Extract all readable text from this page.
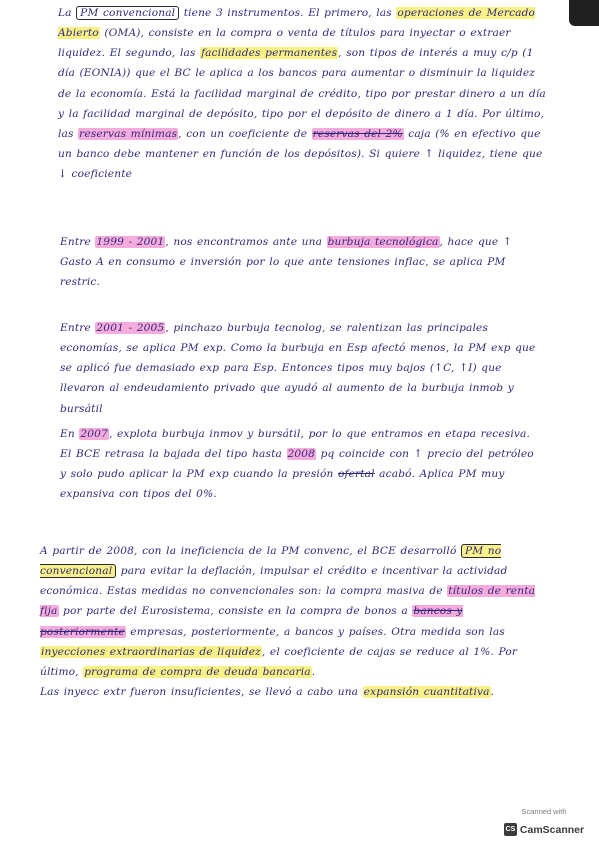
La PM convencional tiene 3 instrumentos. El primero, las operaciones de Mercado Abierto (OMA), consiste en la compra o venta de títulos para inyectar o extraer liquidez. El segundo, las facilidades permanentes, son tipos de interés a muy c/p (1 día (EONIA)) que el BC le aplica a los bancos para aumentar o disminuir la liquidez de la economía. Está la facilidad marginal de crédito, tipo por prestar dinero a un día y la facilidad marginal de depósito, tipo por el depósito de dinero a 1 día. Por último, las reservas mínimas, con un coeficiente de reservas del 2% caja (% en efectivo que un banco debe mantener en función de los depósitos). Si quiere ↑ liquidez, tiene que ↓ coeficiente

Entre 1999 - 2001, nos encontramos ante una burbuja tecnológica, hace que ↑ Gasto A en consumo e inversión por lo que ante tensiones inflac, se aplica PM restric.

Entre 2001 - 2005, pinchazo burbuja tecnolog, se ralentizan las principales economías, se aplica PM exp. Como la burbuja en Esp afectó menos, la PM exp que se aplicó fue demasiado exp para Esp. Entonces tipos muy bajos (↑C, ↑I) que llevaron al endeudamiento privado que ayudó al aumento de la burbuja inmob y bursátil

En 2007, explota burbuja inmov y bursátil, por lo que entramos en etapa recesiva. El BCE retrasa la bajada del tipo hasta 2008 pq coincide con ↑ precio del petróleo y solo pudo aplicar la PM exp cuando la presión ofertal acabó. Aplica PM muy expansiva con tipos del 0%.

A partir de 2008, con la ineficiencia de la PM convenc, el BCE desarrolló PM no convencional para evitar la deflación, impulsar el crédito e incentivar la actividad económica. Estas medidas no convencionales son: la compra masiva de títulos de renta fija por parte del Eurosistema, consiste en la compra de bonos a bancos y posteriormente empresas, posteriormente, a bancos y países. Otra medida son las inyecciones extraordinarias de liquidez, el coeficiente de cajas se reduce al 1%. Por último, programa de compra de deuda bancaria.

Las inyecc extr fueron insuficientes, se llevó a cabo una expansión cuantitativa.

Scanned with
CS CamScanner
